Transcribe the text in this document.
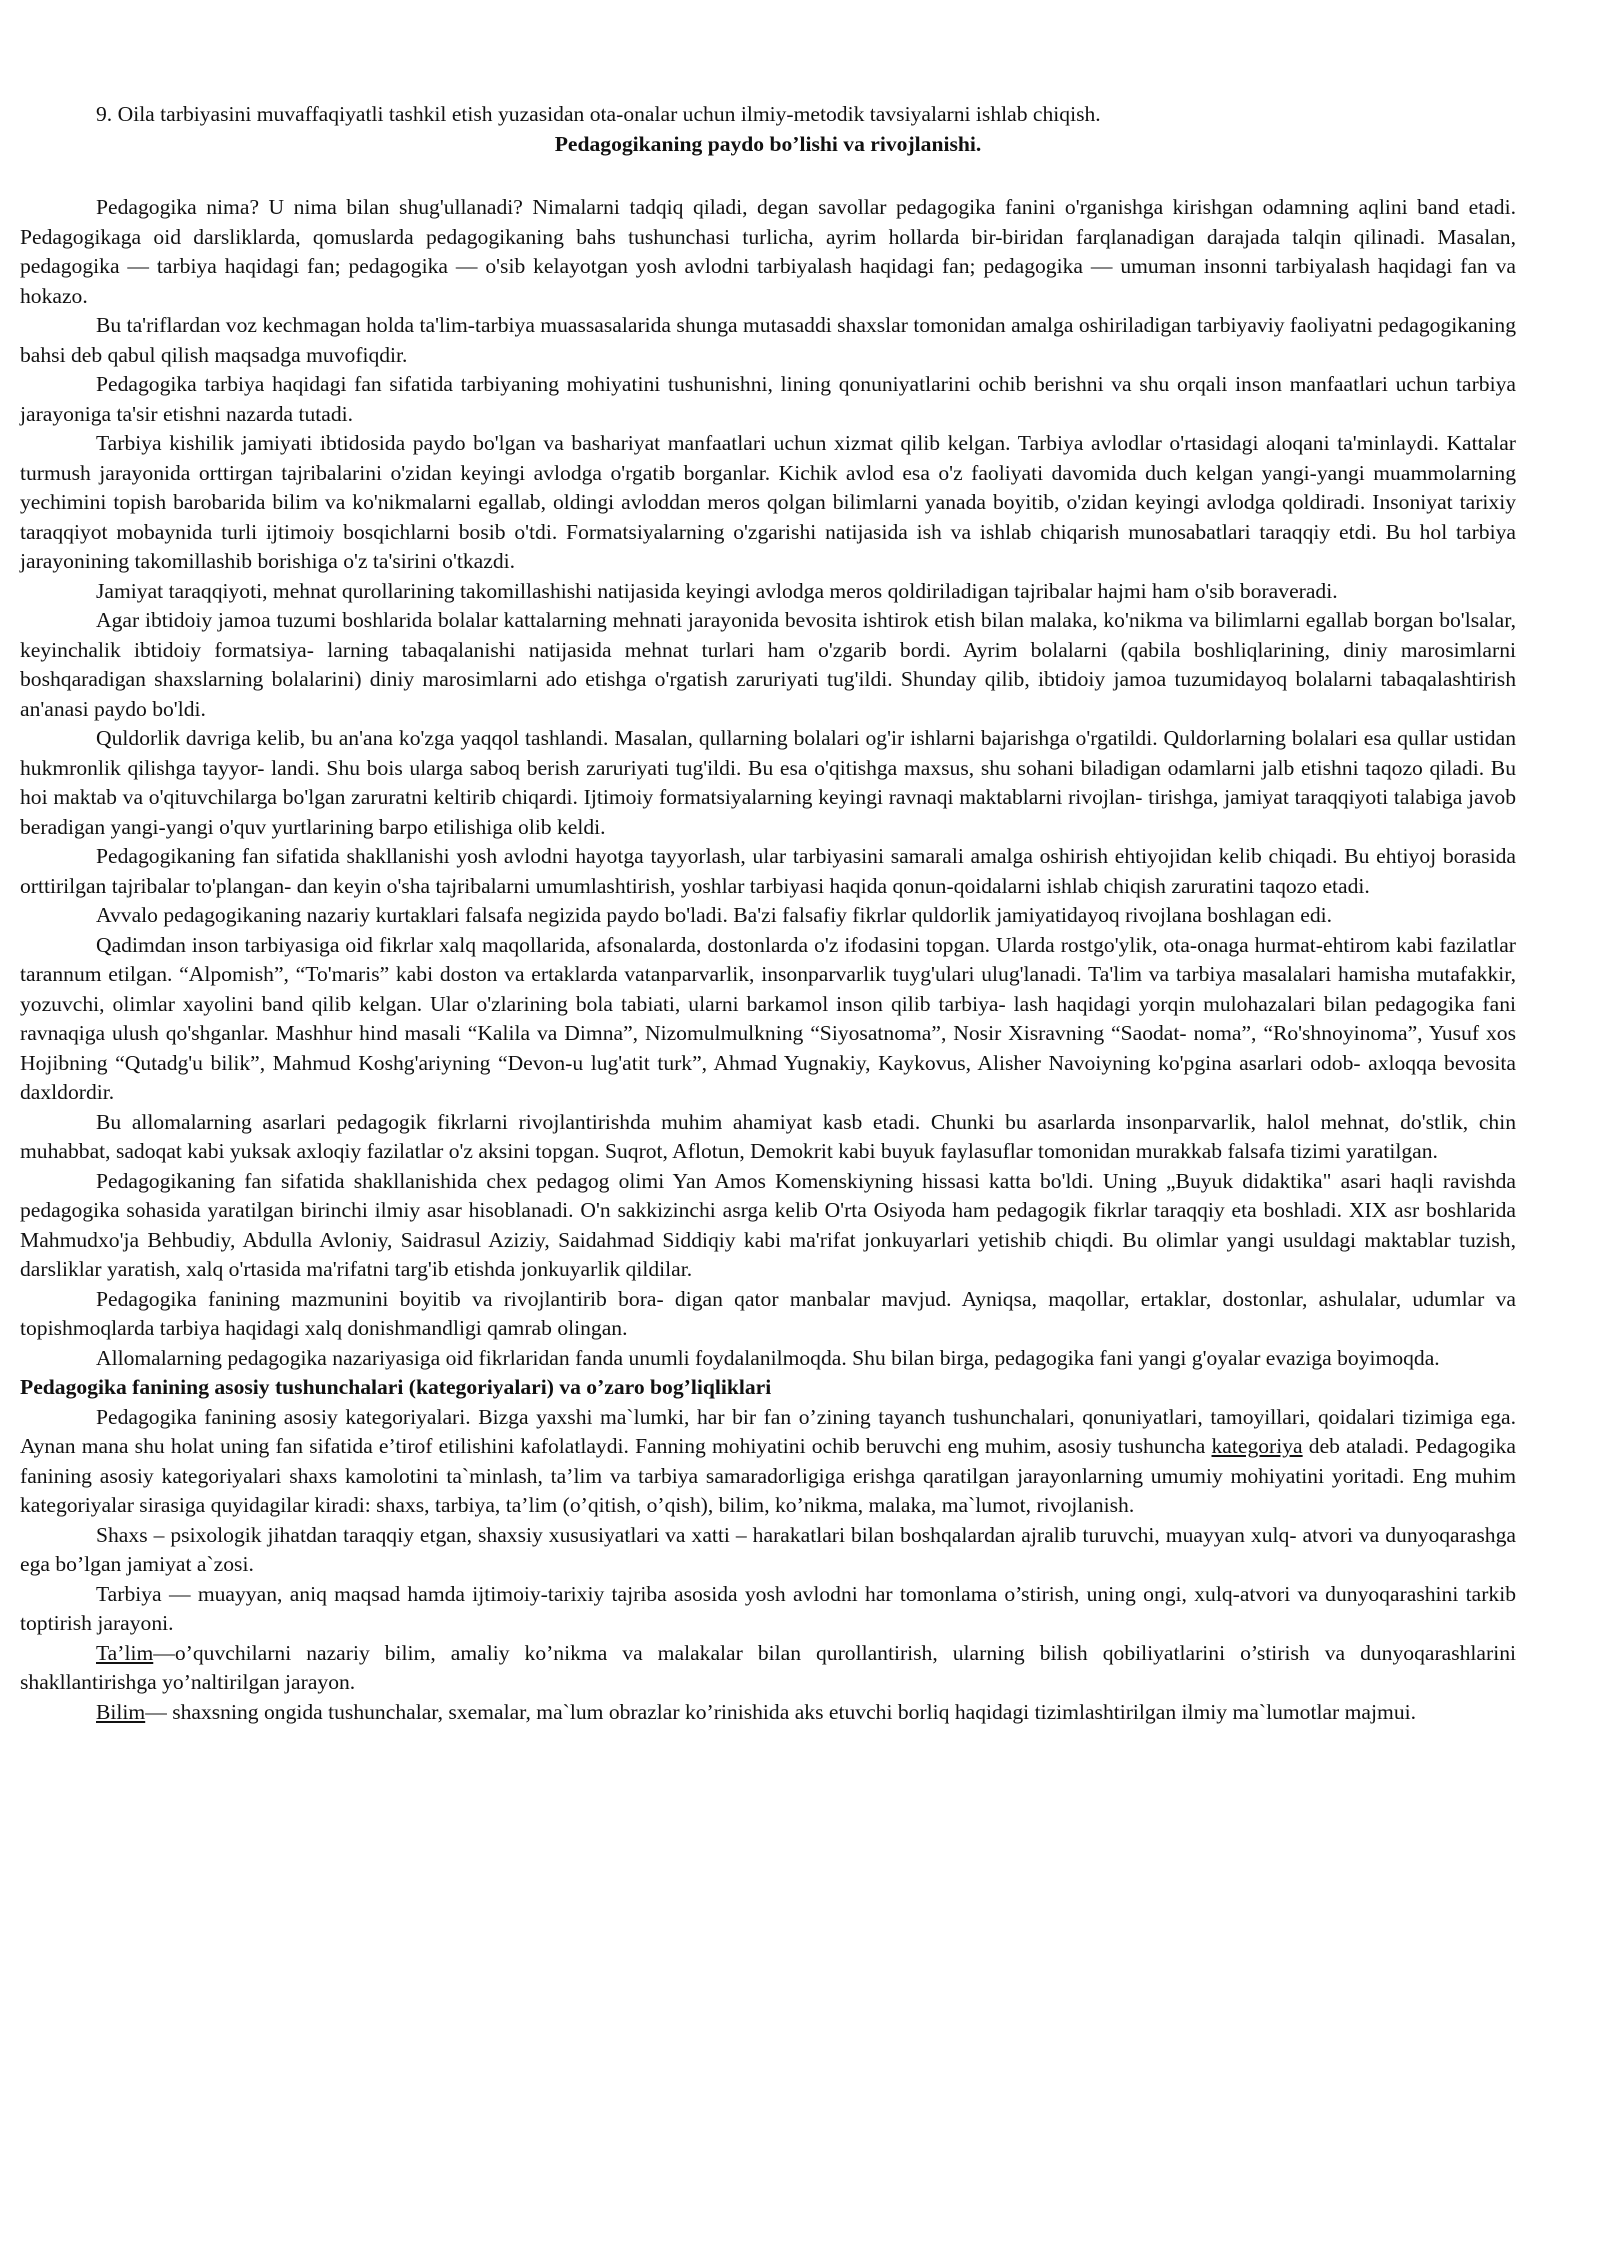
9. Oila tarbiyasini muvaffaqiyatli tashkil etish yuzasidan ota-onalar uchun ilmiy-metodik tavsiyalarni ishlab chiqish.

Pedagogikaning paydo bo’lishi va rivojlanishi.

Pedagogika nima? U nima bilan shug'ullanadi? Nimalarni tadqiq qiladi, degan savollar pedagogika fanini o'rganishga kirishgan odamning aqlini band etadi. Pedagogikaga oid darsliklarda, qomuslarda pedagogikaning bahs tushunchasi turlicha, ayrim hollarda bir-biridan farqlanadigan darajada talqin qilinadi. Masalan, pedagogika — tarbiya haqidagi fan; pedagogika — o'sib kelayotgan yosh avlodni tarbiyalash haqidagi fan; pedagogika — umuman insonni tarbiyalash haqidagi fan va hokazo.

Bu ta'riflardan voz kechmagan holda ta'lim-tarbiya muassasalarida shunga mutasaddi shaxslar tomonidan amalga oshiriladigan tarbiyaviy faoliyatni pedagogikaning bahsi deb qabul qilish maqsadga muvofiqdir.

Pedagogika tarbiya haqidagi fan sifatida tarbiyaning mohiyatini tushunishni, lining qonuniyatlarini ochib berishni va shu orqali inson manfaatlari uchun tarbiya jarayoniga ta'sir etishni nazarda tutadi.

Tarbiya kishilik jamiyati ibtidosida paydo bo'lgan va bashariyat manfaatlari uchun xizmat qilib kelgan. Tarbiya avlodlar o'rtasidagi aloqani ta'minlaydi. Kattalar turmush jarayonida orttirgan tajribalarini o'zidan keyingi avlodga o'rgatib borganlar. Kichik avlod esa o'z faoliyati davomida duch kelgan yangi-yangi muammolarning yechimini topish barobarida bilim va ko'nikmalarni egallab, oldingi avloddan meros qolgan bilimlarni yanada boyitib, o'zidan keyingi avlodga qoldiradi. Insoniyat tarixiy taraqqiyot mobaynida turli ijtimoiy bosqichlarni bosib o'tdi. Formatsiyalarning o'zgarishi natijasida ish va ishlab chiqarish munosabatlari taraqqiy etdi. Bu hol tarbiya jarayonining takomillashib borishiga o'z ta'sirini o'tkazdi.

Jamiyat taraqqiyoti, mehnat qurollarining takomillashishi natijasida keyingi avlodga meros qoldiriladigan tajribalar hajmi ham o'sib boraveradi.

Agar ibtidoiy jamoa tuzumi boshlarida bolalar kattalarning mehnati jarayonida bevosita ishtirok etish bilan malaka, ko'nikma va bilimlarni egallab borgan bo'lsalar, keyinchalik ibtidoiy formatsiya- larning tabaqalanishi natijasida mehnat turlari ham o'zgarib bordi. Ayrim bolalarni (qabila boshliqlarining, diniy marosimlarni boshqaradigan shaxslarning bolalarini) diniy marosimlarni ado etishga o'rgatish zaruriyati tug'ildi. Shunday qilib, ibtidoiy jamoa tuzumidayoq bolalarni tabaqalashtirish an'anasi paydo bo'ldi.

Quldorlik davriga kelib, bu an'ana ko'zga yaqqol tashlandi. Masalan, qullarning bolalari og'ir ishlarni bajarishga o'rgatildi. Quldorlarning bolalari esa qullar ustidan hukmronlik qilishga tayyor- landi. Shu bois ularga saboq berish zaruriyati tug'ildi. Bu esa o'qitishga maxsus, shu sohani biladigan odamlarni jalb etishni taqozo qiladi. Bu hoi maktab va o'qituvchilarga bo'lgan zaruratni keltirib chiqardi. Ijtimoiy formatsiyalarning keyingi ravnaqi maktablarni rivojlan- tirishga, jamiyat taraqqiyoti talabiga javob beradigan yangi-yangi o'quv yurtlarining barpo etilishiga olib keldi.

Pedagogikaning fan sifatida shakllanishi yosh avlodni hayotga tayyorlash, ular tarbiyasini samarali amalga oshirish ehtiyojidan kelib chiqadi. Bu ehtiyoj borasida orttirilgan tajribalar to'plangan- dan keyin o'sha tajribalarni umumlashtirish, yoshlar tarbiyasi haqida qonun-qoidalarni ishlab chiqish zaruratini taqozo etadi.

Avvalo pedagogikaning nazariy kurtaklari falsafa negizida paydo bo'ladi. Ba'zi falsafiy fikrlar quldorlik jamiyatidayoq rivojlana boshlagan edi.

Qadimdan inson tarbiyasiga oid fikrlar xalq maqollarida, afsonalarda, dostonlarda o'z ifodasini topgan. Ularda rostgo'ylik, ota-onaga hurmat-ehtirom kabi fazilatlar tarannum etilgan. “Alpomish”, “To'maris” kabi doston va ertaklarda vatanparvarlik, insonparvarlik tuyg'ulari ulug'lanadi. Ta'lim va tarbiya masalalari hamisha mutafakkir, yozuvchi, olimlar xayolini band qilib kelgan. Ular o'zlarining bola tabiati, ularni barkamol inson qilib tarbiya- lash haqidagi yorqin mulohazalari bilan pedagogika fani ravnaqiga ulush qo'shganlar. Mashhur hind masali “Kalila va Dimna”, Nizomulmulkning “Siyosatnoma”, Nosir Xisravning “Saodat- noma”, “Ro'shnoyinoma”, Yusuf xos Hojibning “Qutadg'u bilik”, Mahmud Koshg'ariyning “Devon-u lug'atit turk”, Ahmad Yugnakiy, Kaykovus, Alisher Navoiyning ko'pgina asarlari odob- axloqqa bevosita daxldordir.

Bu allomalarning asarlari pedagogik fikrlarni rivojlantirishda muhim ahamiyat kasb etadi. Chunki bu asarlarda insonparvarlik, halol mehnat, do'stlik, chin muhabbat, sadoqat kabi yuksak axloqiy fazilatlar o'z aksini topgan. Suqrot, Aflotun, Demokrit kabi buyuk faylasuflar tomonidan murakkab falsafa tizimi yaratilgan.

Pedagogikaning fan sifatida shakllanishida chex pedagog olimi Yan Amos Komenskiyning hissasi katta bo'ldi. Uning „Buyuk didaktika" asari haqli ravishda pedagogika sohasida yaratilgan birinchi ilmiy asar hisoblanadi. O'n sakkizinchi asrga kelib O'rta Osiyoda ham pedagogik fikrlar taraqqiy eta boshladi. XIX asr boshlarida Mahmudxo'ja Behbudiy, Abdulla Avloniy, Saidrasul Aziziy, Saidahmad Siddiqiy kabi ma'rifat jonkuyarlari yetishib chiqdi. Bu olimlar yangi usuldagi maktablar tuzish, darsliklar yaratish, xalq o'rtasida ma'rifatni targ'ib etishda jonkuyarlik qildilar.

Pedagogika fanining mazmunini boyitib va rivojlantirib bora- digan qator manbalar mavjud. Ayniqsa, maqollar, ertaklar, dostonlar, ashulalar, udumlar va topishmoqlarda tarbiya haqidagi xalq donishmandligi qamrab olingan.

Allomalarning pedagogika nazariyasiga oid fikrlaridan fanda unumli foydalanilmoqda. Shu bilan birga, pedagogika fani yangi g'oyalar evaziga boyimoqda.

Pedagogika fanining asosiy tushunchalari (kategoriyalari) va o’zaro bog’liqliklari

Pedagogika fanining asosiy kategoriyalari. Bizga yaxshi ma`lumki, har bir fan o’zining tayanch tushunchalari, qonuniyatlari, tamoyillari, qoidalari tizimiga ega. Aynan mana shu holat uning fan sifatida e’tirof etilishini kafolatlaydi. Fanning mohiyatini ochib beruvchi eng muhim, asosiy tushuncha kategoriya deb ataladi. Pedagogika fanining asosiy kategoriyalari shaxs kamolotini ta`minlash, ta’lim va tarbiya samaradorligiga erishga qaratilgan jarayonlarning umumiy mohiyatini yoritadi. Eng muhim kategoriyalar sirasiga quyidagilar kiradi: shaxs, tarbiya, ta’lim (o’qitish, o’qish), bilim, ko’nikma, malaka, ma`lumot, rivojlanish.

Shaxs – psixologik jihatdan taraqqiy etgan, shaxsiy xususiyatlari va xatti – harakatlari bilan boshqalardan ajralib turuvchi, muayyan xulq- atvori va dunyoqarashga ega bo’lgan jamiyat a`zosi.

Tarbiya — muayyan, aniq maqsad hamda ijtimoiy-tarixiy tajriba asosida yosh avlodni har tomonlama o’stirish, uning ongi, xulq-atvori va dunyoqarashini tarkib toptirish jarayoni.

Ta’lim—o’quvchilarni nazariy bilim, amaliy ko’nikma va malakalar bilan qurollantirish, ularning bilish qobiliyatlarini o’stirish va dunyoqarashlarini shakllantirishga yo’naltirilgan jarayon.

Bilim— shaxsning ongida tushunchalar, sxemalar, ma`lum obrazlar ko’rinishida aks etuvchi borliq haqidagi tizimlashtirilgan ilmiy ma`lumotlar majmui.
